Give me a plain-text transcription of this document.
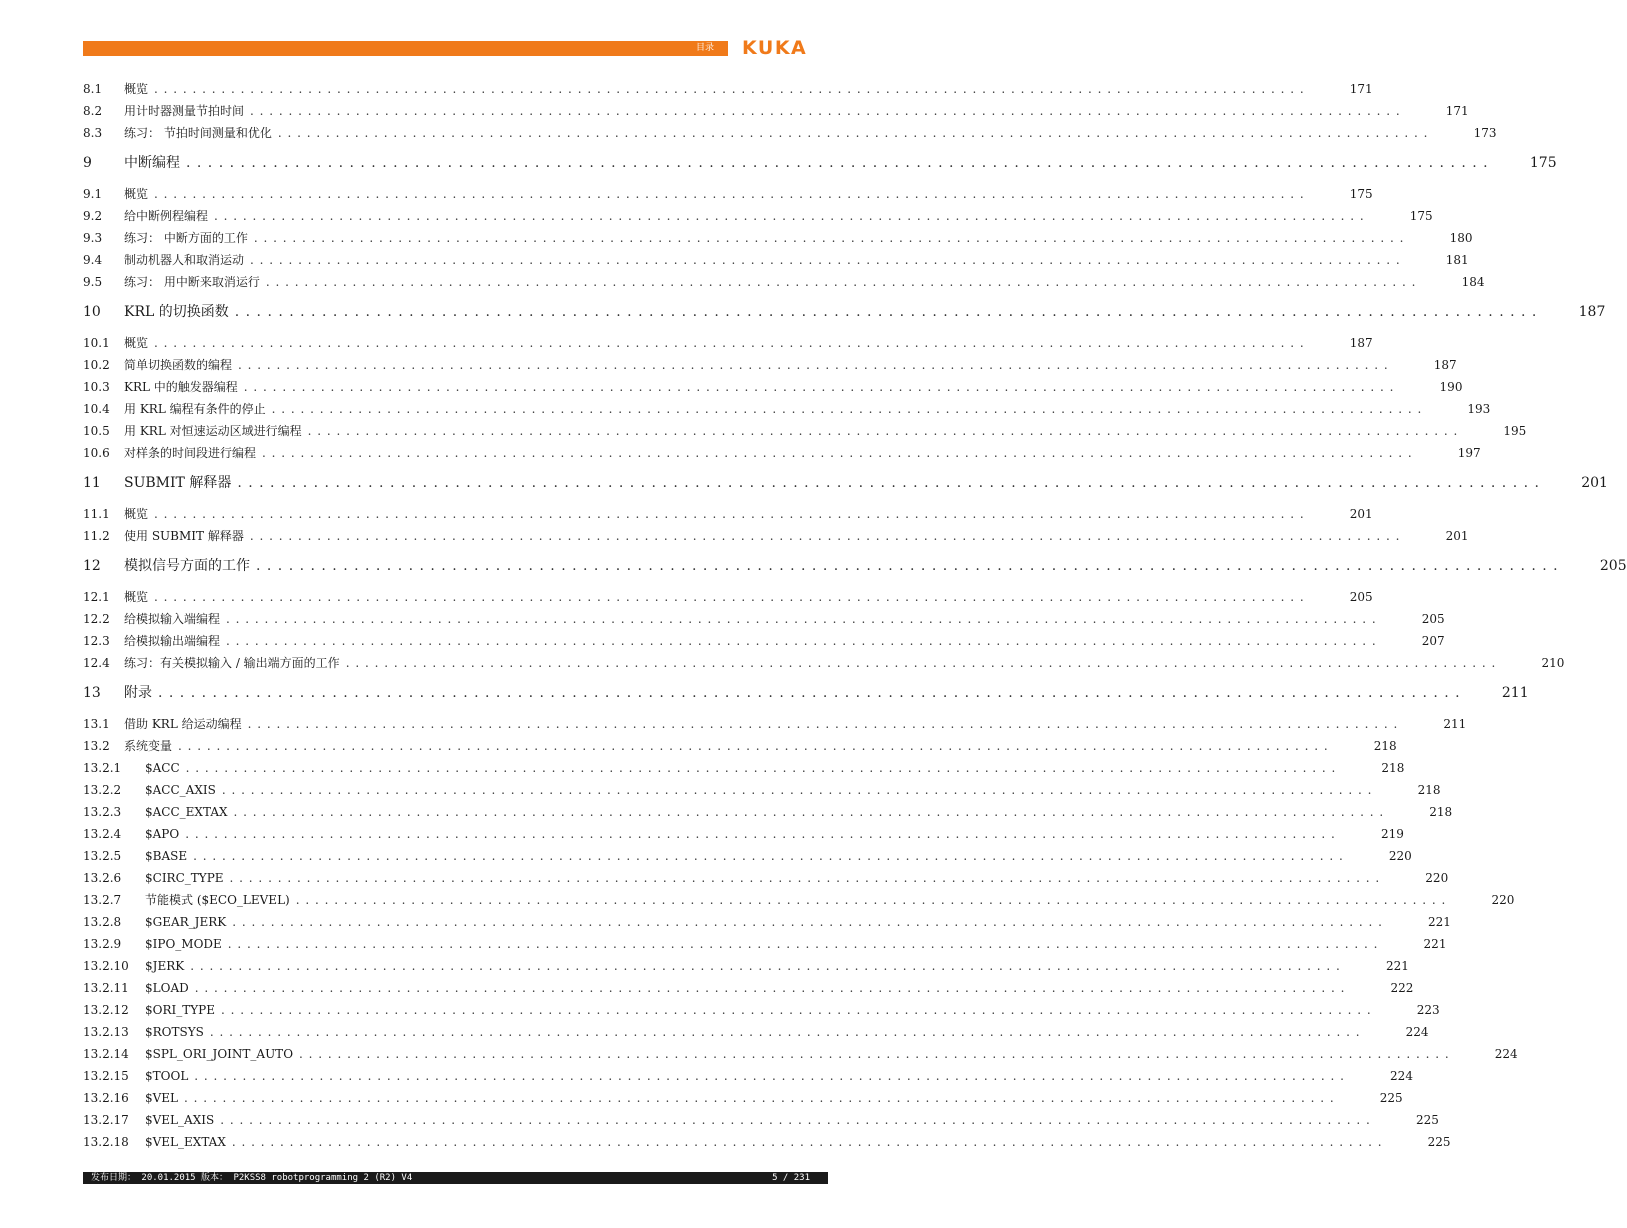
目录 KUKA
8.1	概览 . . . . . . . . . . . . . . . . . . . . . . . . . . . . . . . . . . . . . . . . . . . . . . . . . . . . . . . . . . . . . . . . . . . . . . . . . . . . . . . . . . . . . . . . . . . . . . . . . . . . . . . . . . . . . . . . . . . . . . . .	171
8.2	用计时器测量节拍时间 . . . . . . . . . . . . . . . . . . . . . . . . . . . . . . . . . . . . . . . . . . . . . . . . . . . . . . . . . . . . . . . . . . . . . . . . . . . . . . . . . . . . . . . . . . . . . . . . . . . . . . . . . . . . . . . . . . . . . . . .	171
8.3	练习： 节拍时间测量和优化 . . . . . . . . . . . . . . . . . . . . . . . . . . . . . . . . . . . . . . . . . . . . . . . . . . . . . . . . . . . . . . . . . . . . . . . . . . . . . . . . . . . . . . . . . . . . . . . . . . . . . . . . . . . . . . . . . . . . . . . .	173
9	中断编程 . . . . . . . . . . . . . . . . . . . . . . . . . . . . . . . . . . . . . . . . . . . . . . . . . . . . . . . . . . . . . . . . . . . . . . . . . . . . . . . . . . . . . . . . . . . . . . . . . . . . . . . . . . . . . . . . . . . . . . . .	175
9.1	概览 . . . . . . . . . . . . . . . . . . . . . . . . . . . . . . . . . . . . . . . . . . . . . . . . . . . . . . . . . . . . . . . . . . . . . . . . . . . . . . . . . . . . . . . . . . . . . . . . . . . . . . . . . . . . . . . . . . . . . . . .	175
9.2	给中断例程编程 . . . . . . . . . . . . . . . . . . . . . . . . . . . . . . . . . . . . . . . . . . . . . . . . . . . . . . . . . . . . . . . . . . . . . . . . . . . . . . . . . . . . . . . . . . . . . . . . . . . . . . . . . . . . . . . . . . . . . . . .	175
9.3	练习： 中断方面的工作 . . . . . . . . . . . . . . . . . . . . . . . . . . . . . . . . . . . . . . . . . . . . . . . . . . . . . . . . . . . . . . . . . . . . . . . . . . . . . . . . . . . . . . . . . . . . . . . . . . . . . . . . . . . . . . . . . . . . . . . .	180
9.4	制动机器人和取消运动 . . . . . . . . . . . . . . . . . . . . . . . . . . . . . . . . . . . . . . . . . . . . . . . . . . . . . . . . . . . . . . . . . . . . . . . . . . . . . . . . . . . . . . . . . . . . . . . . . . . . . . . . . . . . . . . . . . . . . . . .	181
9.5	练习： 用中断来取消运行 . . . . . . . . . . . . . . . . . . . . . . . . . . . . . . . . . . . . . . . . . . . . . . . . . . . . . . . . . . . . . . . . . . . . . . . . . . . . . . . . . . . . . . . . . . . . . . . . . . . . . . . . . . . . . . . . . . . . . . . .	184
10	KRL 的切换函数 . . . . . . . . . . . . . . . . . . . . . . . . . . . . . . . . . . . . . . . . . . . . . . . . . . . . . . . . . . . . . . . . . . . . . . . . . . . . . . . . . . . . . . . . . . . . . . . . . . . . . . . . . . . . . . . . . . . . . . . .	187
10.1	概览 . . . . . . . . . . . . . . . . . . . . . . . . . . . . . . . . . . . . . . . . . . . . . . . . . . . . . . . . . . . . . . . . . . . . . . . . . . . . . . . . . . . . . . . . . . . . . . . . . . . . . . . . . . . . . . . . . . . . . . . .	187
10.2	简单切换函数的编程 . . . . . . . . . . . . . . . . . . . . . . . . . . . . . . . . . . . . . . . . . . . . . . . . . . . . . . . . . . . . . . . . . . . . . . . . . . . . . . . . . . . . . . . . . . . . . . . . . . . . . . . . . . . . . . . . . . . . . . . .	187
10.3	KRL 中的触发器编程 . . . . . . . . . . . . . . . . . . . . . . . . . . . . . . . . . . . . . . . . . . . . . . . . . . . . . . . . . . . . . . . . . . . . . . . . . . . . . . . . . . . . . . . . . . . . . . . . . . . . . . . . . . . . . . . . . . . . . . . .	190
10.4	用 KRL 编程有条件的停止 . . . . . . . . . . . . . . . . . . . . . . . . . . . . . . . . . . . . . . . . . . . . . . . . . . . . . . . . . . . . . . . . . . . . . . . . . . . . . . . . . . . . . . . . . . . . . . . . . . . . . . . . . . . . . . . . . . . . . . . .	193
10.5	用 KRL 对恒速运动区域进行编程 . . . . . . . . . . . . . . . . . . . . . . . . . . . . . . . . . . . . . . . . . . . . . . . . . . . . . . . . . . . . . . . . . . . . . . . . . . . . . . . . . . . . . . . . . . . . . . . . . . . . . . . . . . . . . . . . . . . . . . . .	195
10.6	对样条的时间段进行编程 . . . . . . . . . . . . . . . . . . . . . . . . . . . . . . . . . . . . . . . . . . . . . . . . . . . . . . . . . . . . . . . . . . . . . . . . . . . . . . . . . . . . . . . . . . . . . . . . . . . . . . . . . . . . . . . . . . . . . . . .	197
11	SUBMIT 解释器 . . . . . . . . . . . . . . . . . . . . . . . . . . . . . . . . . . . . . . . . . . . . . . . . . . . . . . . . . . . . . . . . . . . . . . . . . . . . . . . . . . . . . . . . . . . . . . . . . . . . . . . . . . . . . . . . . . . . . . . .	201
11.1	概览 . . . . . . . . . . . . . . . . . . . . . . . . . . . . . . . . . . . . . . . . . . . . . . . . . . . . . . . . . . . . . . . . . . . . . . . . . . . . . . . . . . . . . . . . . . . . . . . . . . . . . . . . . . . . . . . . . . . . . . . .	201
11.2	使用 SUBMIT 解释器 . . . . . . . . . . . . . . . . . . . . . . . . . . . . . . . . . . . . . . . . . . . . . . . . . . . . . . . . . . . . . . . . . . . . . . . . . . . . . . . . . . . . . . . . . . . . . . . . . . . . . . . . . . . . . . . . . . . . . . . .	201
12	模拟信号方面的工作 . . . . . . . . . . . . . . . . . . . . . . . . . . . . . . . . . . . . . . . . . . . . . . . . . . . . . . . . . . . . . . . . . . . . . . . . . . . . . . . . . . . . . . . . . . . . . . . . . . . . . . . . . . . . . . . . . . . . . . . .	205
12.1	概览 . . . . . . . . . . . . . . . . . . . . . . . . . . . . . . . . . . . . . . . . . . . . . . . . . . . . . . . . . . . . . . . . . . . . . . . . . . . . . . . . . . . . . . . . . . . . . . . . . . . . . . . . . . . . . . . . . . . . . . . .	205
12.2	给模拟输入端编程 . . . . . . . . . . . . . . . . . . . . . . . . . . . . . . . . . . . . . . . . . . . . . . . . . . . . . . . . . . . . . . . . . . . . . . . . . . . . . . . . . . . . . . . . . . . . . . . . . . . . . . . . . . . . . . . . . . . . . . . .	205
12.3	给模拟输出端编程 . . . . . . . . . . . . . . . . . . . . . . . . . . . . . . . . . . . . . . . . . . . . . . . . . . . . . . . . . . . . . . . . . . . . . . . . . . . . . . . . . . . . . . . . . . . . . . . . . . . . . . . . . . . . . . . . . . . . . . . .	207
12.4	练习：有关模拟输入 / 输出端方面的工作 . . . . . . . . . . . . . . . . . . . . . . . . . . . . . . . . . . . . . . . . . . . . . . . . . . . . . . . . . . . . . . . . . . . . . . . . . . . . . . . . . . . . . . . . . . . . . . . . . . . . . . . . . . . . . . . . . . . . . . . .	210
13	附录 . . . . . . . . . . . . . . . . . . . . . . . . . . . . . . . . . . . . . . . . . . . . . . . . . . . . . . . . . . . . . . . . . . . . . . . . . . . . . . . . . . . . . . . . . . . . . . . . . . . . . . . . . . . . . . . . . . . . . . . .	211
13.1	借助 KRL 给运动编程 . . . . . . . . . . . . . . . . . . . . . . . . . . . . . . . . . . . . . . . . . . . . . . . . . . . . . . . . . . . . . . . . . . . . . . . . . . . . . . . . . . . . . . . . . . . . . . . . . . . . . . . . . . . . . . . . . . . . . . . .	211
13.2	系统变量 . . . . . . . . . . . . . . . . . . . . . . . . . . . . . . . . . . . . . . . . . . . . . . . . . . . . . . . . . . . . . . . . . . . . . . . . . . . . . . . . . . . . . . . . . . . . . . . . . . . . . . . . . . . . . . . . . . . . . . . .	218
13.2.1	$ACC . . . . . . . . . . . . . . . . . . . . . . . . . . . . . . . . . . . . . . . . . . . . . . . . . . . . . . . . . . . . . . . . . . . . . . . . . . . . . . . . . . . . . . . . . . . . . . . . . . . . . . . . . . . . . . . . . . . . . . . .	218
13.2.2	$ACC_AXIS . . . . . . . . . . . . . . . . . . . . . . . . . . . . . . . . . . . . . . . . . . . . . . . . . . . . . . . . . . . . . . . . . . . . . . . . . . . . . . . . . . . . . . . . . . . . . . . . . . . . . . . . . . . . . . . . . . . . . . . .	218
13.2.3	$ACC_EXTAX . . . . . . . . . . . . . . . . . . . . . . . . . . . . . . . . . . . . . . . . . . . . . . . . . . . . . . . . . . . . . . . . . . . . . . . . . . . . . . . . . . . . . . . . . . . . . . . . . . . . . . . . . . . . . . . . . . . . . . . .	218
13.2.4	$APO . . . . . . . . . . . . . . . . . . . . . . . . . . . . . . . . . . . . . . . . . . . . . . . . . . . . . . . . . . . . . . . . . . . . . . . . . . . . . . . . . . . . . . . . . . . . . . . . . . . . . . . . . . . . . . . . . . . . . . . .	219
13.2.5	$BASE . . . . . . . . . . . . . . . . . . . . . . . . . . . . . . . . . . . . . . . . . . . . . . . . . . . . . . . . . . . . . . . . . . . . . . . . . . . . . . . . . . . . . . . . . . . . . . . . . . . . . . . . . . . . . . . . . . . . . . . .	220
13.2.6	$CIRC_TYPE . . . . . . . . . . . . . . . . . . . . . . . . . . . . . . . . . . . . . . . . . . . . . . . . . . . . . . . . . . . . . . . . . . . . . . . . . . . . . . . . . . . . . . . . . . . . . . . . . . . . . . . . . . . . . . . . . . . . . . . .	220
13.2.7	节能模式 ($ECO_LEVEL) . . . . . . . . . . . . . . . . . . . . . . . . . . . . . . . . . . . . . . . . . . . . . . . . . . . . . . . . . . . . . . . . . . . . . . . . . . . . . . . . . . . . . . . . . . . . . . . . . . . . . . . . . . . . . . . . . . . . . . . .	220
13.2.8	$GEAR_JERK . . . . . . . . . . . . . . . . . . . . . . . . . . . . . . . . . . . . . . . . . . . . . . . . . . . . . . . . . . . . . . . . . . . . . . . . . . . . . . . . . . . . . . . . . . . . . . . . . . . . . . . . . . . . . . . . . . . . . . . .	221
13.2.9	$IPO_MODE . . . . . . . . . . . . . . . . . . . . . . . . . . . . . . . . . . . . . . . . . . . . . . . . . . . . . . . . . . . . . . . . . . . . . . . . . . . . . . . . . . . . . . . . . . . . . . . . . . . . . . . . . . . . . . . . . . . . . . . .	221
13.2.10	$JERK . . . . . . . . . . . . . . . . . . . . . . . . . . . . . . . . . . . . . . . . . . . . . . . . . . . . . . . . . . . . . . . . . . . . . . . . . . . . . . . . . . . . . . . . . . . . . . . . . . . . . . . . . . . . . . . . . . . . . . . .	221
13.2.11	$LOAD . . . . . . . . . . . . . . . . . . . . . . . . . . . . . . . . . . . . . . . . . . . . . . . . . . . . . . . . . . . . . . . . . . . . . . . . . . . . . . . . . . . . . . . . . . . . . . . . . . . . . . . . . . . . . . . . . . . . . . . .	222
13.2.12	$ORI_TYPE . . . . . . . . . . . . . . . . . . . . . . . . . . . . . . . . . . . . . . . . . . . . . . . . . . . . . . . . . . . . . . . . . . . . . . . . . . . . . . . . . . . . . . . . . . . . . . . . . . . . . . . . . . . . . . . . . . . . . . . .	223
13.2.13	$ROTSYS . . . . . . . . . . . . . . . . . . . . . . . . . . . . . . . . . . . . . . . . . . . . . . . . . . . . . . . . . . . . . . . . . . . . . . . . . . . . . . . . . . . . . . . . . . . . . . . . . . . . . . . . . . . . . . . . . . . . . . . .	224
13.2.14	$SPL_ORI_JOINT_AUTO . . . . . . . . . . . . . . . . . . . . . . . . . . . . . . . . . . . . . . . . . . . . . . . . . . . . . . . . . . . . . . . . . . . . . . . . . . . . . . . . . . . . . . . . . . . . . . . . . . . . . . . . . . . . . . . . . . . . . . . .	224
13.2.15	$TOOL . . . . . . . . . . . . . . . . . . . . . . . . . . . . . . . . . . . . . . . . . . . . . . . . . . . . . . . . . . . . . . . . . . . . . . . . . . . . . . . . . . . . . . . . . . . . . . . . . . . . . . . . . . . . . . . . . . . . . . . .	224
13.2.16	$VEL . . . . . . . . . . . . . . . . . . . . . . . . . . . . . . . . . . . . . . . . . . . . . . . . . . . . . . . . . . . . . . . . . . . . . . . . . . . . . . . . . . . . . . . . . . . . . . . . . . . . . . . . . . . . . . . . . . . . . . . .	225
13.2.17	$VEL_AXIS . . . . . . . . . . . . . . . . . . . . . . . . . . . . . . . . . . . . . . . . . . . . . . . . . . . . . . . . . . . . . . . . . . . . . . . . . . . . . . . . . . . . . . . . . . . . . . . . . . . . . . . . . . . . . . . . . . . . . . . .	225
13.2.18	$VEL_EXTAX . . . . . . . . . . . . . . . . . . . . . . . . . . . . . . . . . . . . . . . . . . . . . . . . . . . . . . . . . . . . . . . . . . . . . . . . . . . . . . . . . . . . . . . . . . . . . . . . . . . . . . . . . . . . . . . . . . . . . . . .	225
发布日期： 20.01.2015 版本： P2KSS8 robotprogramming 2 (R2) V4	5 / 231
